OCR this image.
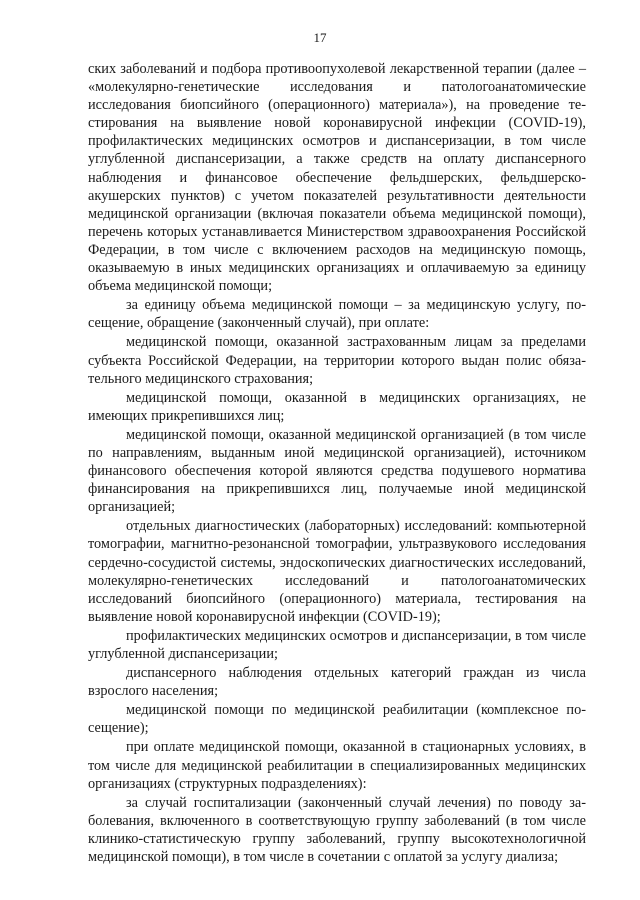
17

ских заболеваний и подбора противоопухолевой лекарственной терапии (далее – «молекулярно-генетические исследования и патологоанатомические исследования биопсийного (операционного) материала»), на проведение тестирования на выявление новой коронавирусной инфекции (COVID-19), профилактических медицинских осмотров и диспансеризации, в том числе углубленной диспансеризации, а также средств на оплату диспансерного наблюдения и финансовое обеспечение фельдшерских, фельдшерско-акушерских пунктов) с учетом показателей результативности деятельности медицинской организации (включая показатели объема медицинской помощи), перечень которых устанавливается Министерством здравоохранения Российской Федерации, в том числе с включением расходов на медицинскую помощь, оказываемую в иных медицинских организациях и оплачиваемую за единицу объема медицинской помощи;

за единицу объема медицинской помощи – за медицинскую услугу, посещение, обращение (законченный случай), при оплате:

медицинской помощи, оказанной застрахованным лицам за пределами субъекта Российской Федерации, на территории которого выдан полис обязательного медицинского страхования;

медицинской помощи, оказанной в медицинских организациях, не имеющих прикрепившихся лиц;

медицинской помощи, оказанной медицинской организацией (в том числе по направлениям, выданным иной медицинской организацией), источником финансового обеспечения которой являются средства подушевого норматива финансирования на прикрепившихся лиц, получаемые иной медицинской организацией;

отдельных диагностических (лабораторных) исследований: компьютерной томографии, магнитно-резонансной томографии, ультразвукового исследования сердечно-сосудистой системы, эндоскопических диагностических исследований, молекулярно-генетических исследований и патологоанатомических исследований биопсийного (операционного) материала, тестирования на выявление новой коронавирусной инфекции (COVID-19);

профилактических медицинских осмотров и диспансеризации, в том числе углубленной диспансеризации;

диспансерного наблюдения отдельных категорий граждан из числа взрослого населения;

медицинской помощи по медицинской реабилитации (комплексное посещение);

при оплате медицинской помощи, оказанной в стационарных условиях, в том числе для медицинской реабилитации в специализированных медицинских организациях (структурных подразделениях):

за случай госпитализации (законченный случай лечения) по поводу заболевания, включенного в соответствующую группу заболеваний (в том числе клинико-статистическую группу заболеваний, группу высокотехнологичной медицинской помощи), в том числе в сочетании с оплатой за услугу диализа;
